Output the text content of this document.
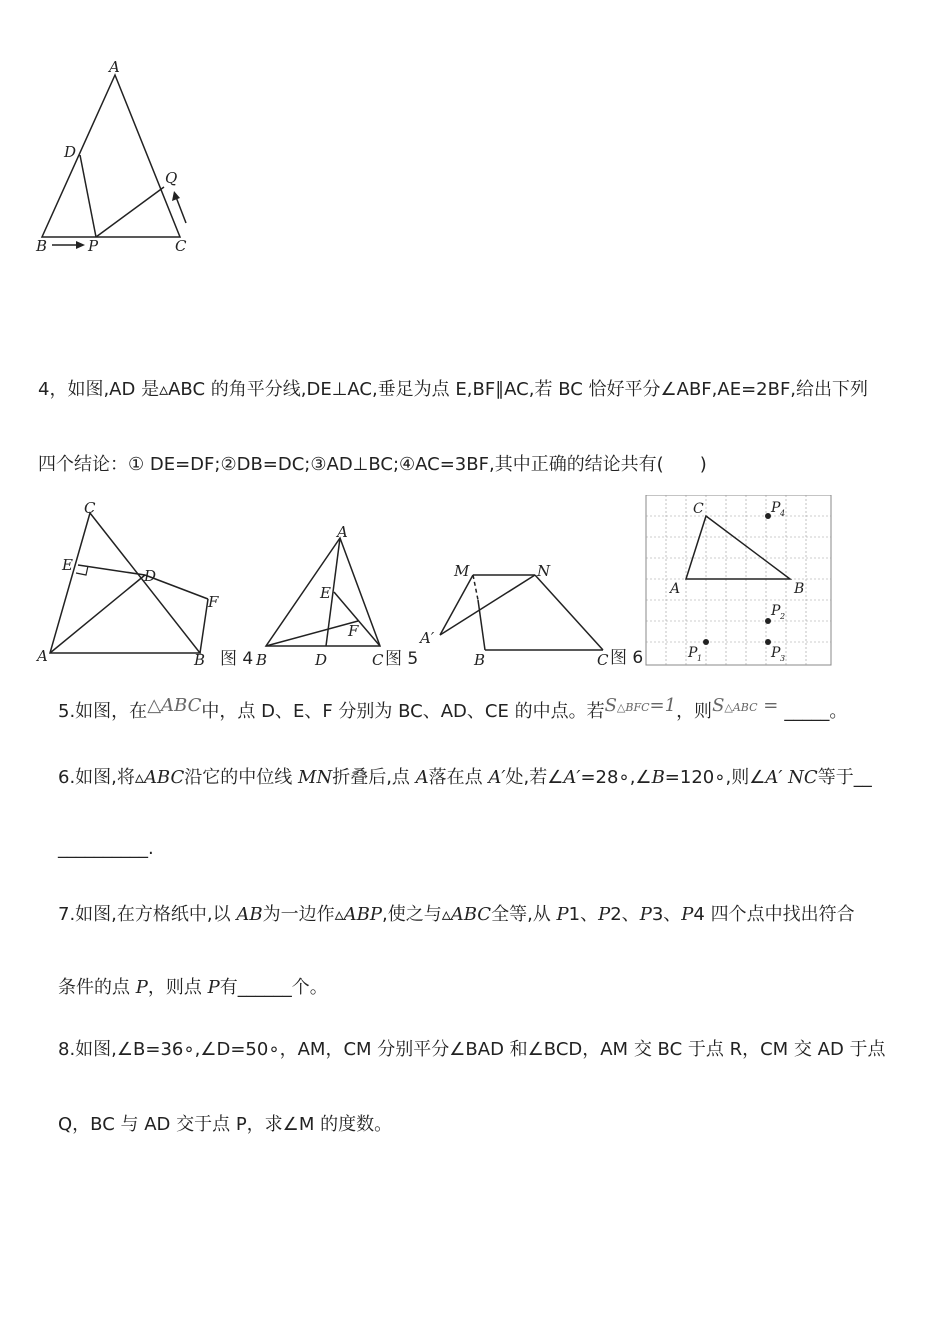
A
D
Q
B	P	C
4，如图,AD 是▵ABC 的角平分线,DE⊥AC,垂足为点 E,BF∥AC,若 BC 恰好平分∠ABF,AE=2BF,给出下列
四个结论：① DE=DF;②DB=DC;③AD⊥BC;④AC=3BF,其中正确的结论共有(　　)
C
E
D
F
A	B 图 4
A
E
F
B	D	C 图 5
M	N
A′
B	C 图 6
C	P 4
A	B
P 2
P 1	P 3
5.如图，在△ABC中，点 D、E、F 分别为 BC、AD、CE 的中点。若S△BFC=1，则S△ABC = _____。
6.如图,将▵ABC沿它的中位线 MN折叠后,点 A落在点 A′处,若∠A′=28∘,∠B=120∘,则∠A′ NC等于__
__________.
7.如图,在方格纸中,以 AB为一边作▵ABP,使之与▵ABC全等,从 P1、P2、P3、P4 四个点中找出符合
条件的点 P，则点 P有______个。
8.如图,∠B=36∘,∠D=50∘，AM，CM 分别平分∠BAD 和∠BCD，AM 交 BC 于点 R，CM 交 AD 于点
Q，BC 与 AD 交于点 P，求∠M 的度数。
